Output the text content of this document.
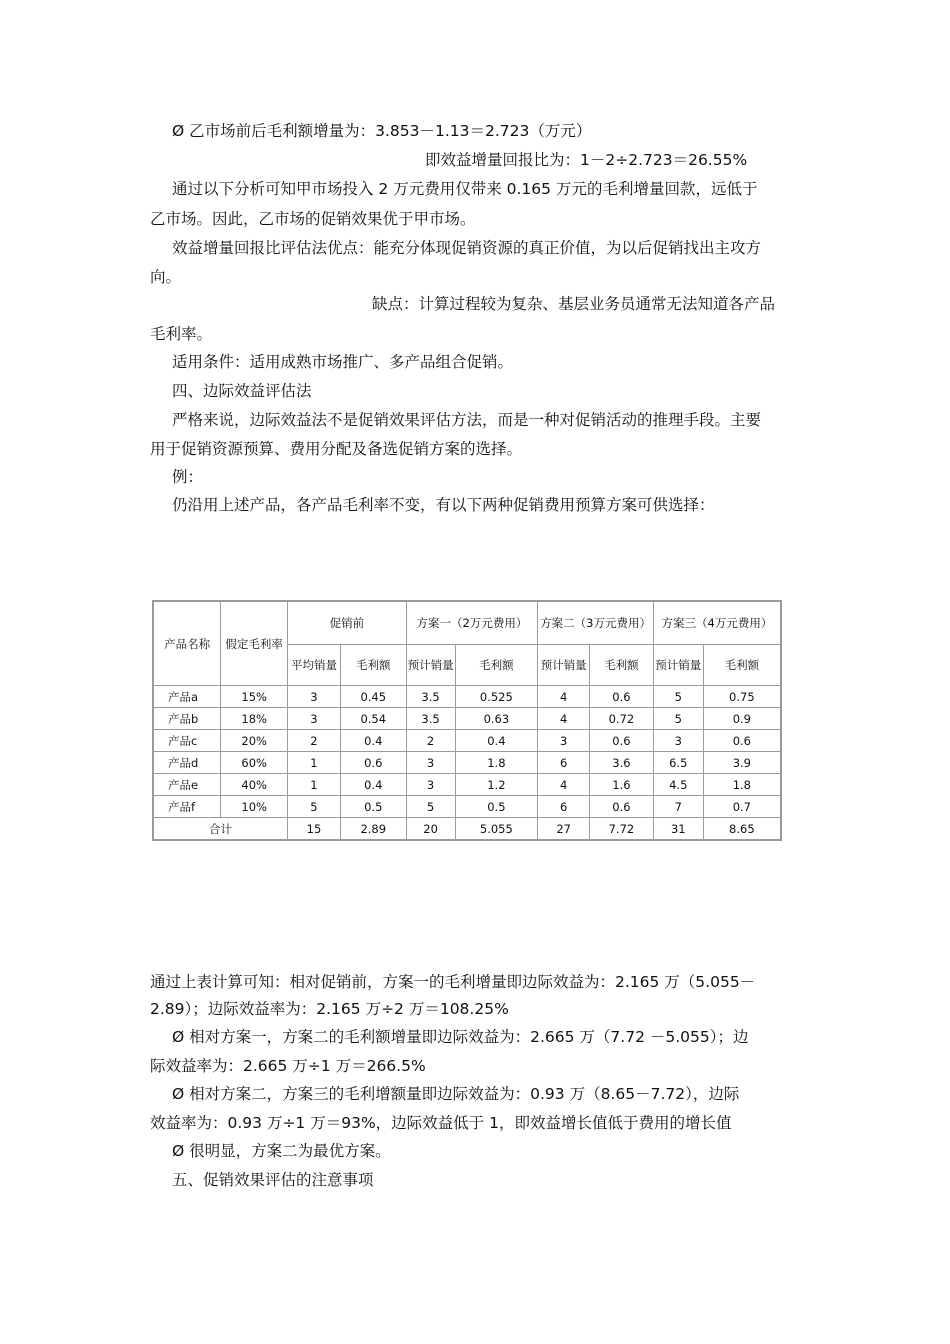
Ø 乙市场前后毛利额增量为：3.853－1.13＝2.723（万元）
即效益增量回报比为：1－2÷2.723＝26.55%
通过以下分析可知甲市场投入 2 万元费用仅带来 0.165 万元的毛利增量回款，远低于
乙市场。因此，乙市场的促销效果优于甲市场。
效益增量回报比评估法优点：能充分体现促销资源的真正价值，为以后促销找出主攻方
向。
缺点：计算过程较为复杂、基层业务员通常无法知道各产品
毛利率。
适用条件：适用成熟市场推广、多产品组合促销。
四、边际效益评估法
严格来说，边际效益法不是促销效果评估方法，而是一种对促销活动的推理手段。主要
用于促销资源预算、费用分配及备选促销方案的选择。
例：
仍沿用上述产品，各产品毛利率不变，有以下两种促销费用预算方案可供选择：
产品名称	假定毛利率	促销前		方案一（2万元费用）		方案二（3万元费用）		方案三（4万元费用）	
		平均销量	毛利额	预计销量	毛利额	预计销量	毛利额	预计销量	毛利额
产品a	15%	3	0.45	3.5	0.525	4	0.6	5	0.75
产品b	18%	3	0.54	3.5	0.63	4	0.72	5	0.9
产品c	20%	2	0.4	2	0.4	3	0.6	3	0.6
产品d	60%	1	0.6	3	1.8	6	3.6	6.5	3.9
产品e	40%	1	0.4	3	1.2	4	1.6	4.5	1.8
产品f	10%	5	0.5	5	0.5	6	0.6	7	0.7
合计		15	2.89	20	5.055	27	7.72	31	8.65
通过上表计算可知：相对促销前，方案一的毛利增量即边际效益为：2.165 万（5.055－
2.89）；边际效益率为：2.165 万÷2 万＝108.25%
Ø 相对方案一，方案二的毛利额增量即边际效益为：2.665 万（7.72 －5.055）；边
际效益率为：2.665 万÷1 万＝266.5%
Ø 相对方案二，方案三的毛利增额量即边际效益为：0.93 万（8.65－7.72），边际
效益率为：0.93 万÷1 万＝93%，边际效益低于 1，即效益增长值低于费用的增长值
Ø 很明显，方案二为最优方案。
五、促销效果评估的注意事项
